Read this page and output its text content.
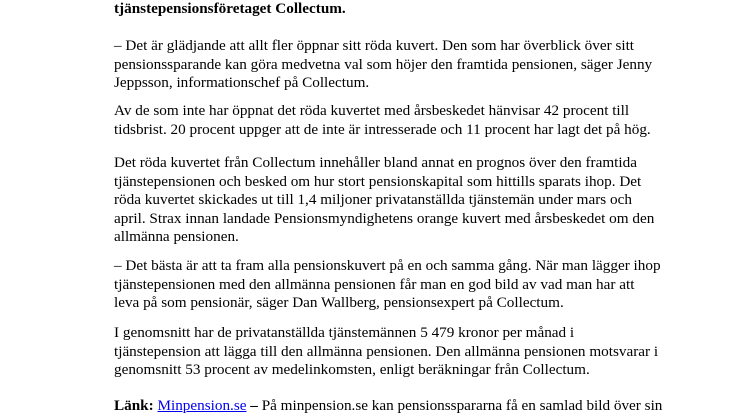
tjänstepensionsföretaget Collectum.

– Det är glädjande att allt fler öppnar sitt röda kuvert. Den som har överblick över sitt
pensionssparande kan göra medvetna val som höjer den framtida pensionen, säger Jenny
Jeppsson, informationschef på Collectum.

Av de som inte har öppnat det röda kuvertet med årsbeskedet hänvisar 42 procent till
tidsbrist. 20 procent uppger att de inte är intresserade och 11 procent har lagt det på hög.

Det röda kuvertet från Collectum innehåller bland annat en prognos över den framtida
tjänstepensionen och besked om hur stort pensionskapital som hittills sparats ihop. Det
röda kuvertet skickades ut till 1,4 miljoner privatanställda tjänstemän under mars och
april. Strax innan landade Pensionsmyndighetens orange kuvert med årsbeskedet om den
allmänna pensionen.

– Det bästa är att ta fram alla pensionskuvert på en och samma gång. När man lägger ihop
tjänstepensionen med den allmänna pensionen får man en god bild av vad man har att
leva på som pensionär, säger Dan Wallberg, pensionsexpert på Collectum.

I genomsnitt har de privatanställda tjänstemännen 5 479 kronor per månad i
tjänstepension att lägga till den allmänna pensionen. Den allmänna pensionen motsvarar i
genomsnitt 53 procent av medelinkomsten, enligt beräkningar från Collectum.

Länk: Minpension.se – På minpension.se kan pensionsspararna få en samlad bild över sin
